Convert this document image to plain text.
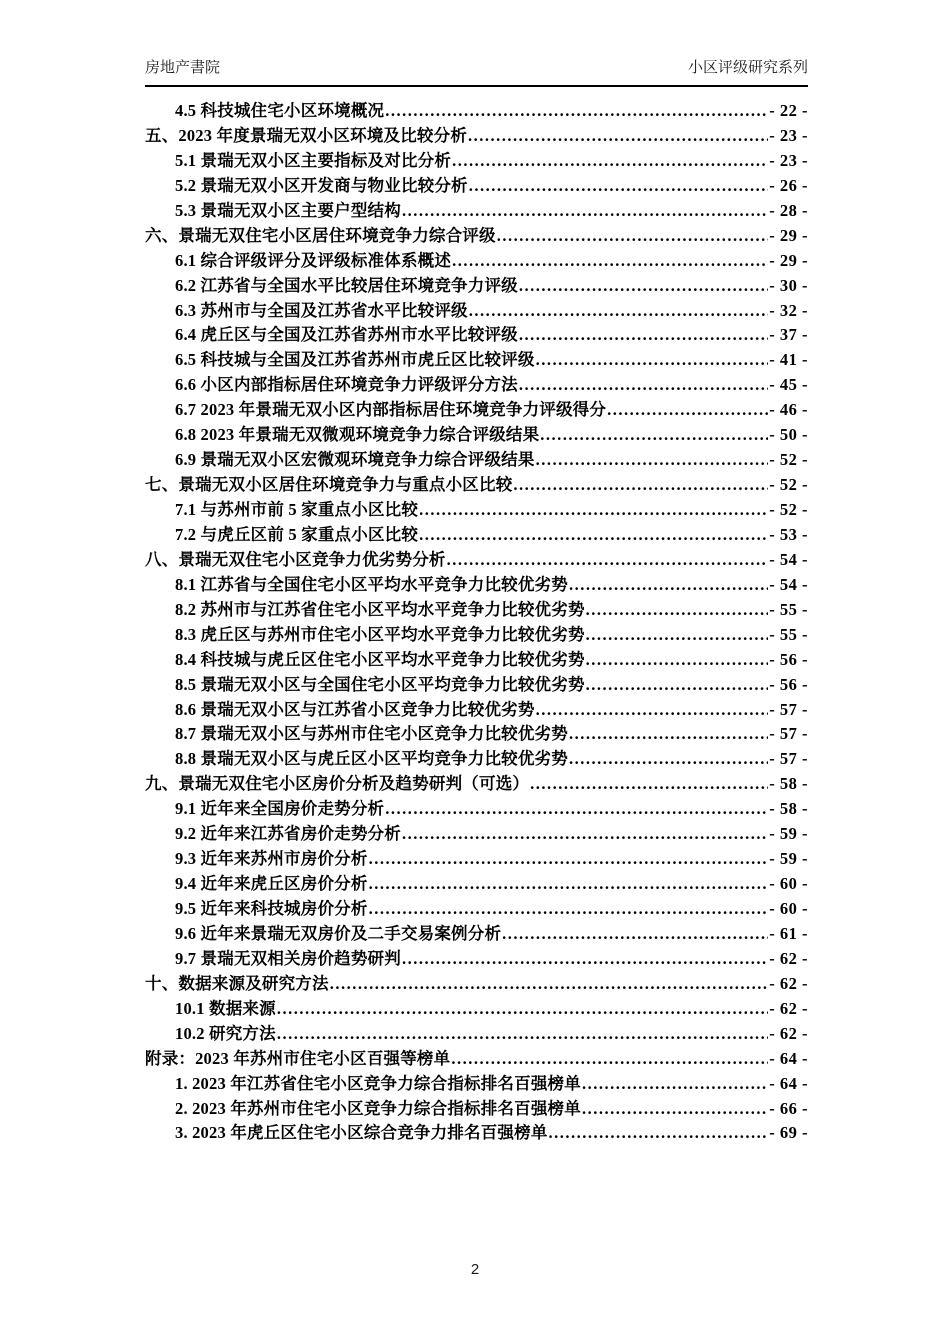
房地产書院	小区评级研究系列
4.5 科技城住宅小区环境概况 .....	- 22 -
五、2023 年度景瑞无双小区环境及比较分析 .....	- 23 -
5.1 景瑞无双小区主要指标及对比分析 .....	- 23 -
5.2 景瑞无双小区开发商与物业比较分析 .....	- 26 -
5.3 景瑞无双小区主要户型结构 .....	- 28 -
六、景瑞无双住宅小区居住环境竞争力综合评级 .....	- 29 -
6.1 综合评级评分及评级标准体系概述 .....	- 29 -
6.2 江苏省与全国水平比较居住环境竞争力评级 .....	- 30 -
6.3 苏州市与全国及江苏省水平比较评级 .....	- 32 -
6.4 虎丘区与全国及江苏省苏州市水平比较评级 .....	- 37 -
6.5 科技城与全国及江苏省苏州市虎丘区比较评级 .....	- 41 -
6.6 小区内部指标居住环境竞争力评级评分方法 .....	- 45 -
6.7 2023 年景瑞无双小区内部指标居住环境竞争力评级得分 .....	- 46 -
6.8 2023 年景瑞无双微观环境竞争力综合评级结果 .....	- 50 -
6.9 景瑞无双小区宏微观环境竞争力综合评级结果 .....	- 52 -
七、景瑞无双小区居住环境竞争力与重点小区比较 .....	- 52 -
7.1 与苏州市前 5 家重点小区比较 .....	- 52 -
7.2 与虎丘区前 5 家重点小区比较 .....	- 53 -
八、景瑞无双住宅小区竞争力优劣势分析 .....	- 54 -
8.1 江苏省与全国住宅小区平均水平竞争力比较优劣势 .....	- 54 -
8.2 苏州市与江苏省住宅小区平均水平竞争力比较优劣势 .....	- 55 -
8.3 虎丘区与苏州市住宅小区平均水平竞争力比较优劣势 .....	- 55 -
8.4 科技城与虎丘区住宅小区平均水平竞争力比较优劣势 .....	- 56 -
8.5 景瑞无双小区与全国住宅小区平均竞争力比较优劣势 .....	- 56 -
8.6 景瑞无双小区与江苏省小区竞争力比较优劣势 .....	- 57 -
8.7 景瑞无双小区与苏州市住宅小区竞争力比较优劣势 .....	- 57 -
8.8 景瑞无双小区与虎丘区小区平均竞争力比较优劣势 .....	- 57 -
九、景瑞无双住宅小区房价分析及趋势研判（可选） .....	- 58 -
9.1 近年来全国房价走势分析 .....	- 58 -
9.2 近年来江苏省房价走势分析 .....	- 59 -
9.3 近年来苏州市房价分析 .....	- 59 -
9.4 近年来虎丘区房价分析 .....	- 60 -
9.5 近年来科技城房价分析 .....	- 60 -
9.6 近年来景瑞无双房价及二手交易案例分析 .....	- 61 -
9.7 景瑞无双相关房价趋势研判 .....	- 62 -
十、数据来源及研究方法 .....	- 62 -
10.1 数据来源 .....	- 62 -
10.2 研究方法 .....	- 62 -
附录：2023 年苏州市住宅小区百强等榜单 .....	- 64 -
1. 2023 年江苏省住宅小区竞争力综合指标排名百强榜单 .....	- 64 -
2. 2023 年苏州市住宅小区竞争力综合指标排名百强榜单 .....	- 66 -
3. 2023 年虎丘区住宅小区综合竞争力排名百强榜单 .....	- 69 -
2
